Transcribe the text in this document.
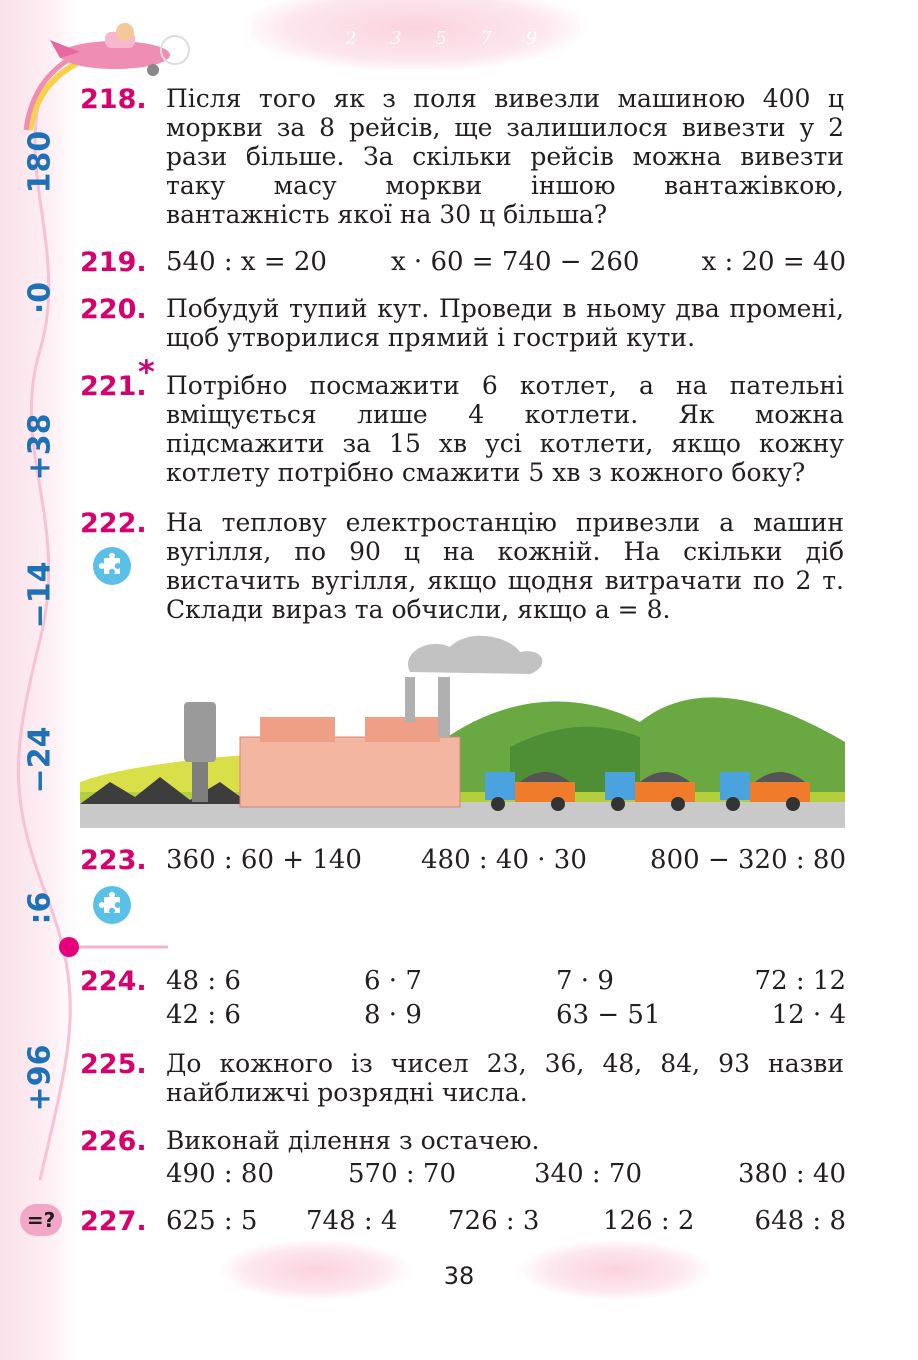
180
·0
+38
−14
−24
:6
+96
2 3 5 7 9
218. Після того як з поля вивезли машиною 400 ц моркви за 8 рейсів, ще залишилося вивезти у 2 рази більше. За скільки рейсів можна вивезти таку масу моркви іншою вантажівкою, вантажність якої на 30 ц більша?
219. 540 : x = 20 x · 60 = 740 − 260 x : 20 = 40
220. Побудуй тупий кут. Проведи в ньому два промені, щоб утворилися прямий і гострий кути.
221.
* Потрібно посмажити 6 котлет, а на пательні вміщується лише 4 котлети. Як можна підсмажити за 15 хв усі котлети, якщо кожну котлету потрібно смажити 5 хв з кожного боку?
222. На теплову електростанцію привезли a машин вугілля, по 90 ц на кожній. На скільки діб вистачить вугілля, якщо щодня витрачати по 2 т. Склади вираз та обчисли, якщо a = 8.
223. 360 : 60 + 140 480 : 40 · 30 800 − 320 : 80
224. 48 : 6	6 · 7	7 · 9	72 : 12
42 : 6	8 · 9	63 − 51	12 · 4
225. До кожного із чисел 23, 36, 48, 84, 93 назви найближчі розрядні числа.
226. Виконай ділення з остачею.
490 : 80	570 : 70	340 : 70	380 : 40
=? 227. 625 : 5 748 : 4 726 : 3 126 : 2 648 : 8
38
